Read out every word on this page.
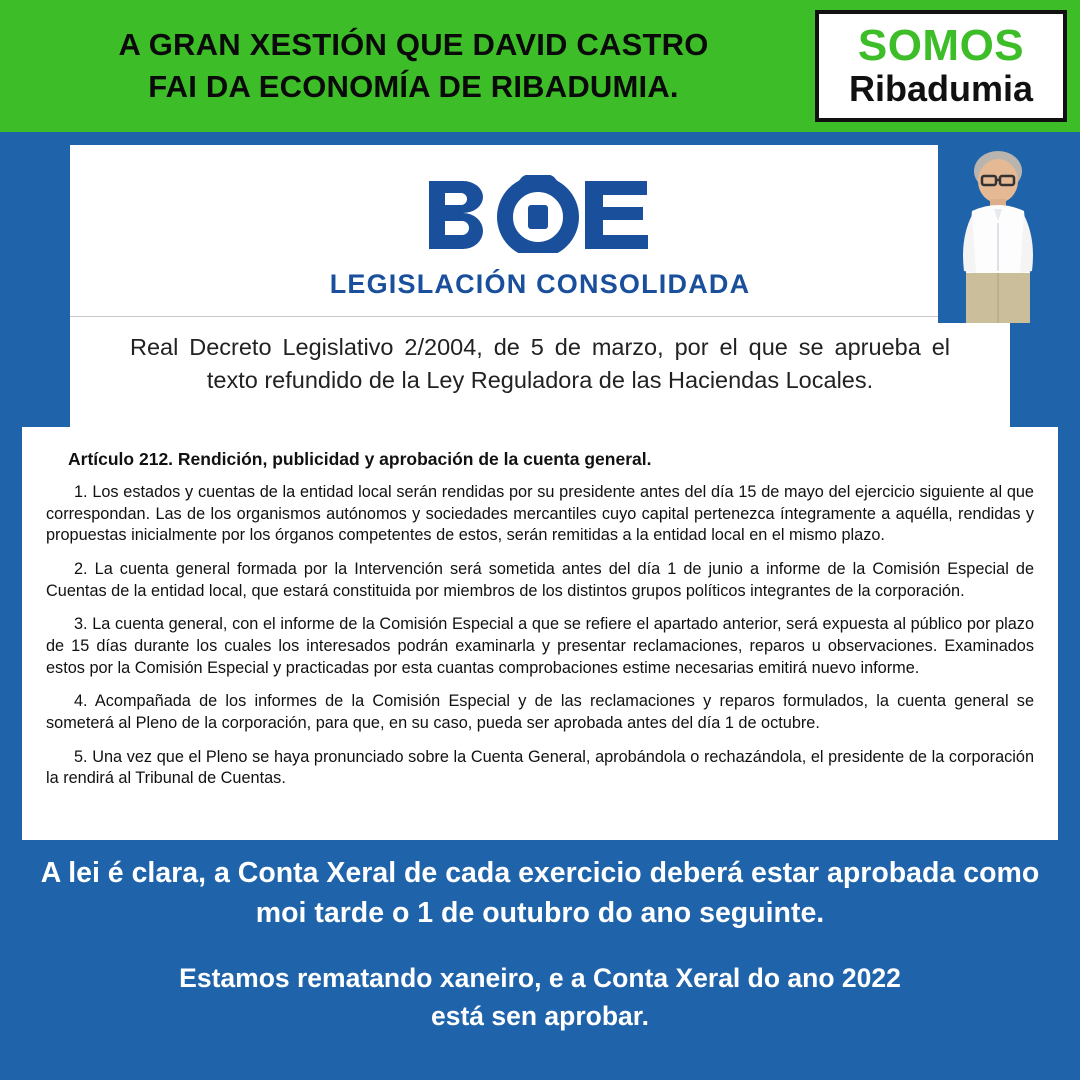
A GRAN XESTIÓN QUE DAVID CASTRO
FAI DA ECONOMÍA DE RIBADUMIA.
SOMOS
Ribadumia
LEGISLACIÓN CONSOLIDADA
Real Decreto Legislativo 2/2004, de 5 de marzo, por el que se aprueba el texto refundido de la Ley Reguladora de las Haciendas Locales.
Artículo 212. Rendición, publicidad y aprobación de la cuenta general.

1. Los estados y cuentas de la entidad local serán rendidas por su presidente antes del día 15 de mayo del ejercicio siguiente al que correspondan. Las de los organismos autónomos y sociedades mercantiles cuyo capital pertenezca íntegramente a aquélla, rendidas y propuestas inicialmente por los órganos competentes de estos, serán remitidas a la entidad local en el mismo plazo.

2. La cuenta general formada por la Intervención será sometida antes del día 1 de junio a informe de la Comisión Especial de Cuentas de la entidad local, que estará constituida por miembros de los distintos grupos políticos integrantes de la corporación.

3. La cuenta general, con el informe de la Comisión Especial a que se refiere el apartado anterior, será expuesta al público por plazo de 15 días durante los cuales los interesados podrán examinarla y presentar reclamaciones, reparos u observaciones. Examinados estos por la Comisión Especial y practicadas por esta cuantas comprobaciones estime necesarias emitirá nuevo informe.

4. Acompañada de los informes de la Comisión Especial y de las reclamaciones y reparos formulados, la cuenta general se someterá al Pleno de la corporación, para que, en su caso, pueda ser aprobada antes del día 1 de octubre.

5. Una vez que el Pleno se haya pronunciado sobre la Cuenta General, aprobándola o rechazándola, el presidente de la corporación la rendirá al Tribunal de Cuentas.

A lei é clara, a Conta Xeral de cada exercicio deberá estar aprobada como moi tarde o 1 de outubro do ano seguinte.

Estamos rematando xaneiro, e a Conta Xeral do ano 2022
está sen aprobar.
